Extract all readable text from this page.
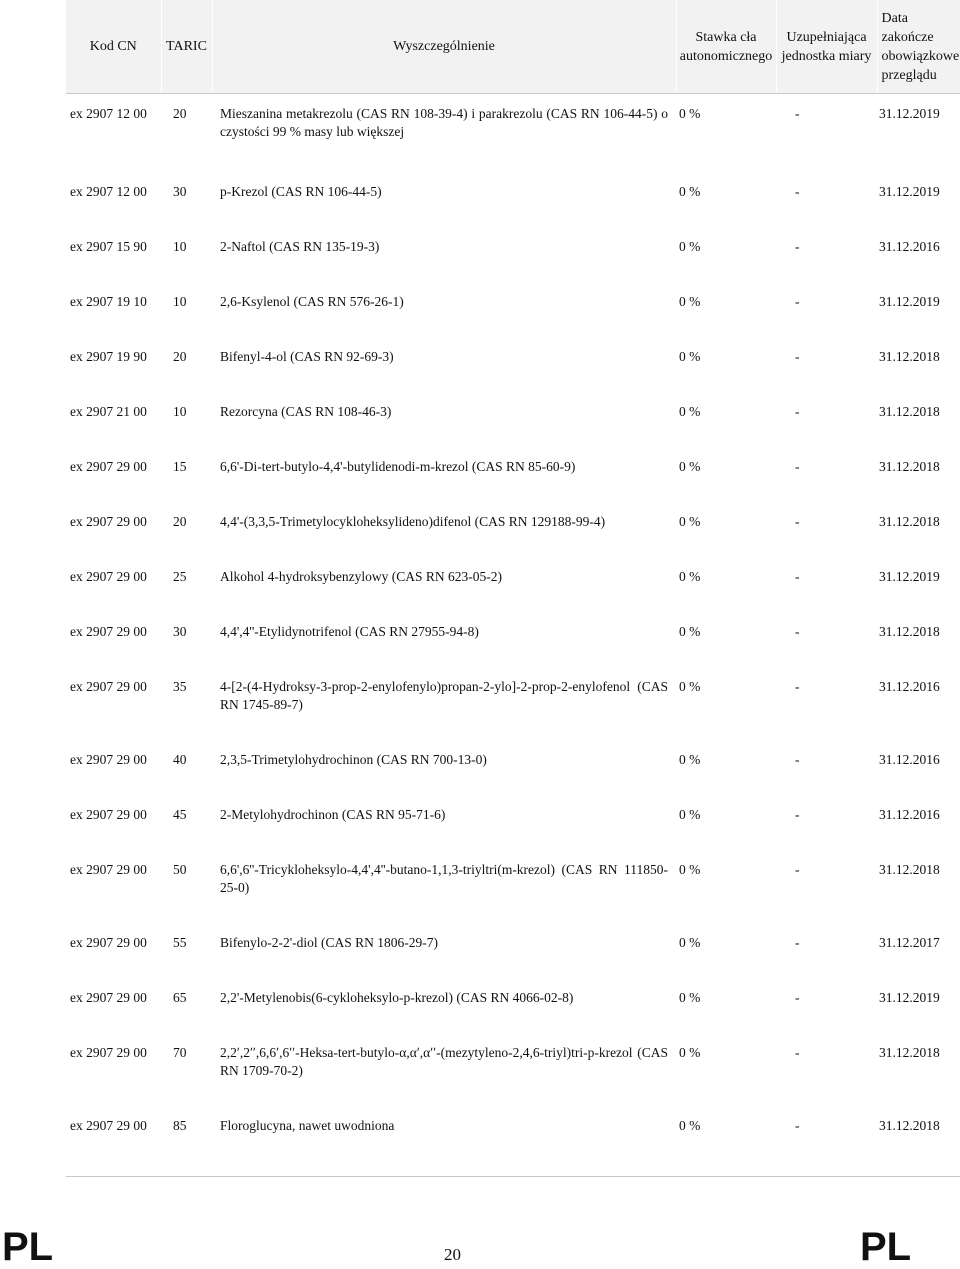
Kod CN	TARIC	Wyszczególnienie	Stawka cła autonomicznego	Uzupełniająca jednostka miary	Data zakończe obowiązkowe przeglądu
ex 2907 12 00	20	Mieszanina metakrezolu (CAS RN 108-39-4) i parakrezolu (CAS RN 106-44-5) o czystości 99 % masy lub większej	0 %	-	31.12.2019
ex 2907 12 00	30	p-Krezol (CAS RN 106-44-5)	0 %	-	31.12.2019
ex 2907 15 90	10	2-Naftol (CAS RN 135-19-3)	0 %	-	31.12.2016
ex 2907 19 10	10	2,6-Ksylenol (CAS RN 576-26-1)	0 %	-	31.12.2019
ex 2907 19 90	20	Bifenyl-4-ol (CAS RN 92-69-3)	0 %	-	31.12.2018
ex 2907 21 00	10	Rezorcyna (CAS RN 108-46-3)	0 %	-	31.12.2018
ex 2907 29 00	15	6,6'-Di-tert-butylo-4,4'-butylidenodi-m-krezol (CAS RN 85-60-9)	0 %	-	31.12.2018
ex 2907 29 00	20	4,4'-(3,3,5-Trimetylocykloheksylideno)difenol (CAS RN 129188-99-4)	0 %	-	31.12.2018
ex 2907 29 00	25	Alkohol 4-hydroksybenzylowy (CAS RN 623-05-2)	0 %	-	31.12.2019
ex 2907 29 00	30	4,4',4''-Etylidynotrifenol (CAS RN 27955-94-8)	0 %	-	31.12.2018
ex 2907 29 00	35	4-[2-(4-Hydroksy-3-prop-2-enylofenylo)propan-2-ylo]-2-prop-2-enylofenol (CAS RN 1745-89-7)	0 %	-	31.12.2016
ex 2907 29 00	40	2,3,5-Trimetylohydrochinon (CAS RN 700-13-0)	0 %	-	31.12.2016
ex 2907 29 00	45	2-Metylohydrochinon (CAS RN 95-71-6)	0 %	-	31.12.2016
ex 2907 29 00	50	6,6',6''-Tricykloheksylo-4,4',4''-butano-1,1,3-triyltri(m-krezol) (CAS RN 111850-25-0)	0 %	-	31.12.2018
ex 2907 29 00	55	Bifenylo-2-2'-diol (CAS RN 1806-29-7)	0 %	-	31.12.2017
ex 2907 29 00	65	2,2'-Metylenobis(6-cykloheksylo-p-krezol) (CAS RN 4066-02-8)	0 %	-	31.12.2019
ex 2907 29 00	70	2,2ʹ,2ʹʹ,6,6ʹ,6ʹʹ-Heksa-tert-butylo-α,αʹ,αʹʹ-(mezytyleno-2,4,6-triyl)tri-p-krezol (CAS RN 1709-70-2)	0 %	-	31.12.2018
ex 2907 29 00	85	Floroglucyna, nawet uwodniona	0 %	-	31.12.2018
PL	20	PL
